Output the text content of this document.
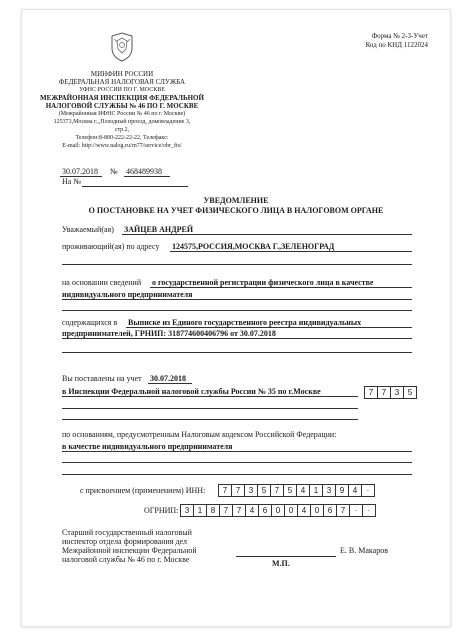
Форма № 2-3-Учет
Код по КНД 1122024
МИНФИН РОССИИ
ФЕДЕРАЛЬНАЯ НАЛОГОВАЯ СЛУЖБА
УФНС РОССИИ ПО Г. МОСКВЕ
МЕЖРАЙОННАЯ ИНСПЕКЦИЯ ФЕДЕРАЛЬНОЙ
НАЛОГОВОЙ СЛУЖБЫ № 46 ПО Г. МОСКВЕ
(Межрайонная ИФНС России № 46 по г. Москве)
125373,Москва г.,,Походный проезд, домовладение 3,
стр.2,
Телефон:8-800-222-22-22, Телефакс:
E-mail: http://www.nalog.ru/rn77/service/obr_fts/
30.07.2018 № 468489938
На №
УВЕДОМЛЕНИЕ
О ПОСТАНОВКЕ НА УЧЕТ ФИЗИЧЕСКОГО ЛИЦА В НАЛОГОВОМ ОРГАНЕ
Уважаемый(ая) ЗАЙЦЕВ АНДРЕЙ
проживающий(ая) по адресу 124575,РОССИЯ,МОСКВА Г.,ЗЕЛЕНОГРАД
на основании сведений о государственной регистрации физического лица в качестве
индивидуального предпринимателя
содержащихся в Выписке из Единого государственного реестра индивидуальных
предпринимателей, ГРНИП: 318774600406796 от 30.07.2018
Вы поставлены на учет 30.07.2018
в Инспекции Федеральной налоговой службы России № 35 по г.Москве	7	7	3	5
по основаниям, предусмотренным Налоговым кодексом Российской Федерации:
в качестве индивидуального предпринимателя
с присвоением (применением) ИНН:	7	7	3	5	7	5	4	1	3	9	4	·
ОГРНИП: 3	1	8	7	7	4	6	0	0	4	0	6	7	·	·
Старший государственный налоговый
инспектор отдела формирования дел
Межрайонной инспекции Федеральной
налоговой службы № 46 по г. Москве
Е. В. Макаров
М.П.
